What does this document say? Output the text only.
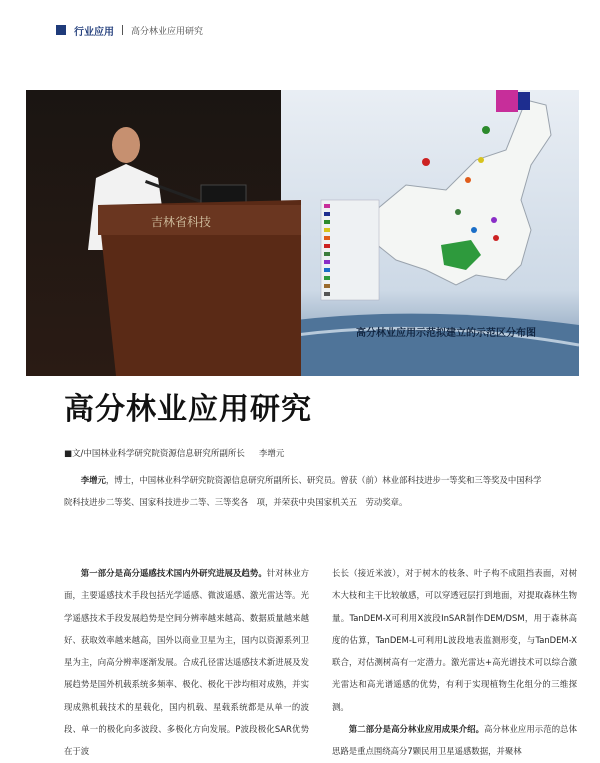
行业应用 高分林业应用研究
高分林业应用示范拟建立的示范区分布图
吉林省科技
高分林业应用研究
■文/中国林业科学研究院资源信息研究所副所长 李增元
李增元，博士，中国林业科学研究院资源信息研究所副所长、研究员。曾获（前）林业部科技进步一等奖和三等奖及中国科学院科技进步二等奖、国家科技进步二等、三等奖各　项，并荣获中央国家机关五　劳动奖章。

第一部分是高分遥感技术国内外研究进展及趋势。针对林业方面，主要遥感技术手段包括光学遥感、微波遥感、激光雷达等。光学遥感技术手段发展趋势是空间分辨率越来越高、数据质量越来越好、获取效率越来越高，国外以商业卫星为主，国内以资源系列卫星为主，向高分辨率逐渐发展。合成孔径雷达遥感技术新进展及发展趋势是国外机载系统多频率、极化、极化干涉均相对成熟，并实现成熟机载技术的星载化，国内机载、星载系统都是从单一的波段、单一的极化向多波段、多极化方向发展。P波段极化SAR优势在于波

长长（接近米波），对于树木的枝条、叶子构不成阻挡表面，对树木大枝和主干比较敏感，可以穿透冠层打到地面，对提取森林生物量。TanDEM-X可利用X波段InSAR制作DEM/DSM，用于森林高度的估算，TanDEM-L可利用L波段地表监测形变，与TanDEM-X联合，对估测树高有一定潜力。激光雷达+高光谱技术可以综合激光雷达和高光谱遥感的优势，有利于实现植物生化组分的三维探测。

第二部分是高分林业应用成果介绍。高分林业应用示范的总体思路是重点围绕高分7颗民用卫星遥感数据，并聚林
